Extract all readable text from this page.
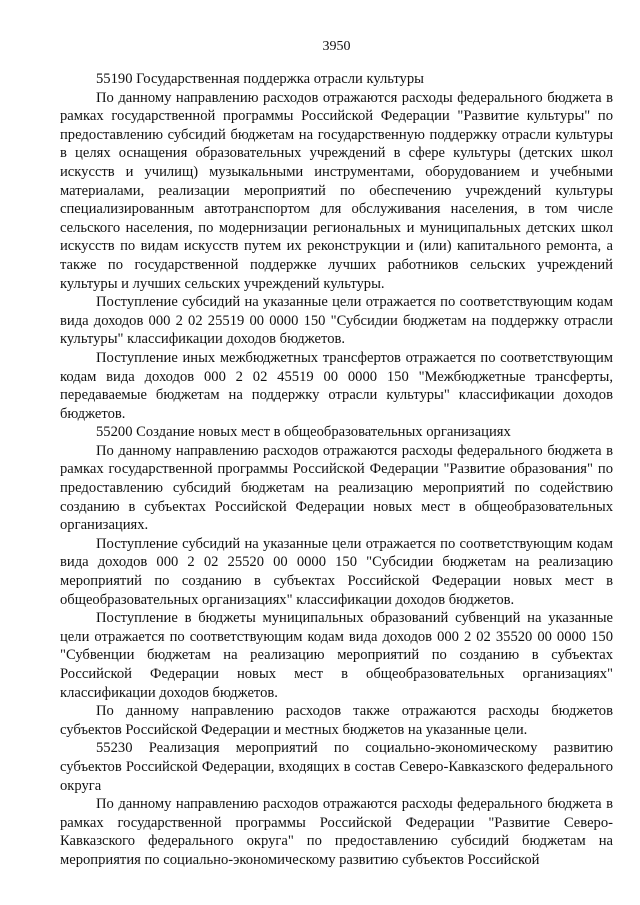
3950

55190 Государственная поддержка отрасли культуры

По данному направлению расходов отражаются расходы федерального бюджета в рамках государственной программы Российской Федерации "Развитие культуры" по предоставлению субсидий бюджетам на государственную поддержку отрасли культуры в целях оснащения образовательных учреждений в сфере культуры (детских школ искусств и училищ) музыкальными инструментами, оборудованием и учебными материалами, реализации мероприятий по обеспечению учреждений культуры специализированным автотранспортом для обслуживания населения, в том числе сельского населения, по модернизации региональных и муниципальных детских школ искусств по видам искусств путем их реконструкции и (или) капитального ремонта, а также по государственной поддержке лучших работников сельских учреждений культуры и лучших сельских учреждений культуры.

Поступление субсидий на указанные цели отражается по соответствующим кодам вида доходов 000 2 02 25519 00 0000 150 "Субсидии бюджетам на поддержку отрасли культуры" классификации доходов бюджетов.

Поступление иных межбюджетных трансфертов отражается по соответствующим кодам вида доходов 000 2 02 45519 00 0000 150 "Межбюджетные трансферты, передаваемые бюджетам на поддержку отрасли культуры" классификации доходов бюджетов.

55200 Создание новых мест в общеобразовательных организациях

По данному направлению расходов отражаются расходы федерального бюджета в рамках государственной программы Российской Федерации "Развитие образования" по предоставлению субсидий бюджетам на реализацию мероприятий по содействию созданию в субъектах Российской Федерации новых мест в общеобразовательных организациях.

Поступление субсидий на указанные цели отражается по соответствующим кодам вида доходов 000 2 02 25520 00 0000 150 "Субсидии бюджетам на реализацию мероприятий по созданию в субъектах Российской Федерации новых мест в общеобразовательных организациях" классификации доходов бюджетов.

Поступление в бюджеты муниципальных образований субвенций на указанные цели отражается по соответствующим кодам вида доходов 000 2 02 35520 00 0000 150 "Субвенции бюджетам на реализацию мероприятий по созданию в субъектах Российской Федерации новых мест в общеобразовательных организациях" классификации доходов бюджетов.

По данному направлению расходов также отражаются расходы бюджетов субъектов Российской Федерации и местных бюджетов на указанные цели.

55230 Реализация мероприятий по социально-экономическому развитию субъектов Российской Федерации, входящих в состав Северо-Кавказского федерального округа

По данному направлению расходов отражаются расходы федерального бюджета в рамках государственной программы Российской Федерации "Развитие Северо-Кавказского федерального округа" по предоставлению субсидий бюджетам на мероприятия по социально-экономическому развитию субъектов Российской
